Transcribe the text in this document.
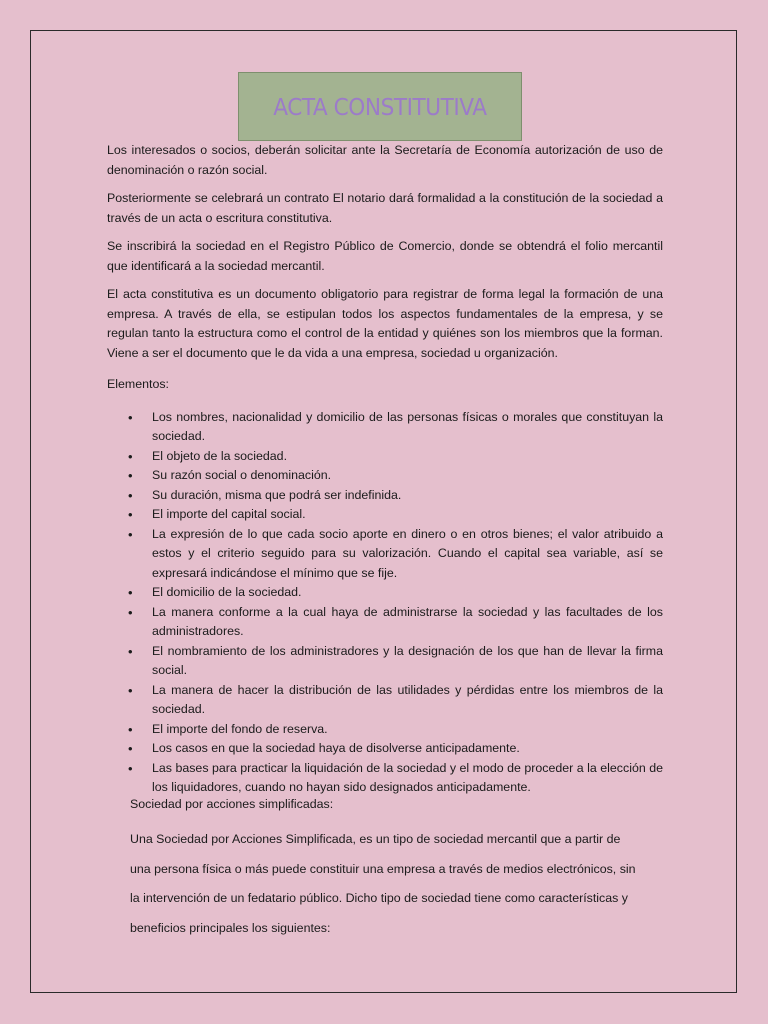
ACTA CONSTITUTIVA

Los interesados o socios, deberán solicitar ante la Secretaría de Economía autorización de uso de denominación o razón social.

Posteriormente se celebrará un contrato El notario dará formalidad a la constitución de la sociedad a través de un acta o escritura constitutiva.

Se inscribirá la sociedad en el Registro Público de Comercio, donde se obtendrá el folio mercantil que identificará a la sociedad mercantil.

El acta constitutiva es un documento obligatorio para registrar de forma legal la formación de una empresa. A través de ella, se estipulan todos los aspectos fundamentales de la empresa, y se regulan tanto la estructura como el control de la entidad y quiénes son los miembros que la forman. Viene a ser el documento que le da vida a una empresa, sociedad u organización.

Elementos:

• Los nombres, nacionalidad y domicilio de las personas físicas o morales que constituyan la sociedad.
• El objeto de la sociedad.
• Su razón social o denominación.
• Su duración, misma que podrá ser indefinida.
• El importe del capital social.
• La expresión de lo que cada socio aporte en dinero o en otros bienes; el valor atribuido a estos y el criterio seguido para su valorización. Cuando el capital sea variable, así se expresará indicándose el mínimo que se fije.
• El domicilio de la sociedad.
• La manera conforme a la cual haya de administrarse la sociedad y las facultades de los administradores.
• El nombramiento de los administradores y la designación de los que han de llevar la firma social.
• La manera de hacer la distribución de las utilidades y pérdidas entre los miembros de la sociedad.
• El importe del fondo de reserva.
• Los casos en que la sociedad haya de disolverse anticipadamente.
• Las bases para practicar la liquidación de la sociedad y el modo de proceder a la elección de los liquidadores, cuando no hayan sido designados anticipadamente.

Sociedad por acciones simplificadas:

Una Sociedad por Acciones Simplificada, es un tipo de sociedad mercantil que a partir de

una persona física o más puede constituir una empresa a través de medios electrónicos, sin

la intervención de un fedatario público. Dicho tipo de sociedad tiene como características y

beneficios principales los siguientes:
